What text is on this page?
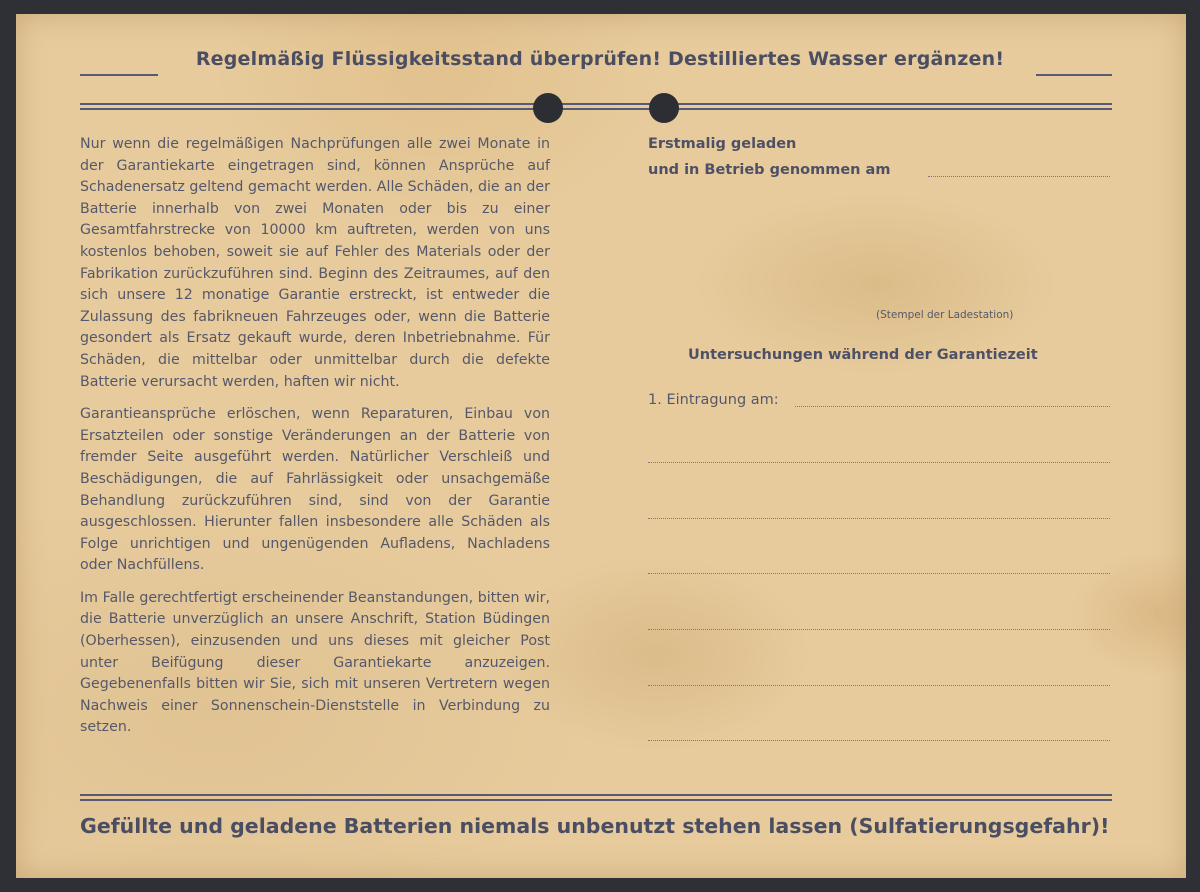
Regelmäßig Flüssigkeitsstand überprüfen! Destilliertes Wasser ergänzen!

Nur wenn die regelmäßigen Nachprüfungen alle zwei Monate in der Garantiekarte eingetragen sind, können Ansprüche auf Schadenersatz geltend gemacht werden. Alle Schäden, die an der Batterie innerhalb von zwei Monaten oder bis zu einer Gesamtfahrstrecke von 10000 km auftreten, werden von uns kostenlos behoben, soweit sie auf Fehler des Materials oder der Fabrikation zurückzuführen sind. Beginn des Zeitraumes, auf den sich unsere 12 monatige Garantie erstreckt, ist entweder die Zulassung des fabrikneuen Fahrzeuges oder, wenn die Batterie gesondert als Ersatz gekauft wurde, deren Inbetriebnahme. Für Schäden, die mittelbar oder unmittelbar durch die defekte Batterie verursacht werden, haften wir nicht.

Garantieansprüche erlöschen, wenn Reparaturen, Einbau von Ersatzteilen oder sonstige Veränderungen an der Batterie von fremder Seite ausgeführt werden. Natürlicher Verschleiß und Beschädigungen, die auf Fahrlässigkeit oder unsachgemäße Behandlung zurückzuführen sind, sind von der Garantie ausgeschlossen. Hierunter fallen insbesondere alle Schäden als Folge unrichtigen und ungenügenden Aufladens, Nachladens oder Nachfüllens.

Im Falle gerechtfertigt erscheinender Beanstandungen, bitten wir, die Batterie unverzüglich an unsere Anschrift, Station Büdingen (Oberhessen), einzusenden und uns dieses mit gleicher Post unter Beifügung dieser Garantiekarte anzuzeigen. Gegebenenfalls bitten wir Sie, sich mit unseren Vertretern wegen Nachweis einer Sonnenschein-Dienststelle in Verbindung zu setzen.

Erstmalig geladen
und in Betrieb genommen am
(Stempel der Ladestation)
Untersuchungen während der Garantiezeit
1. Eintragung am:
Gefüllte und geladene Batterien niemals unbenutzt stehen lassen (Sulfatierungsgefahr)!
